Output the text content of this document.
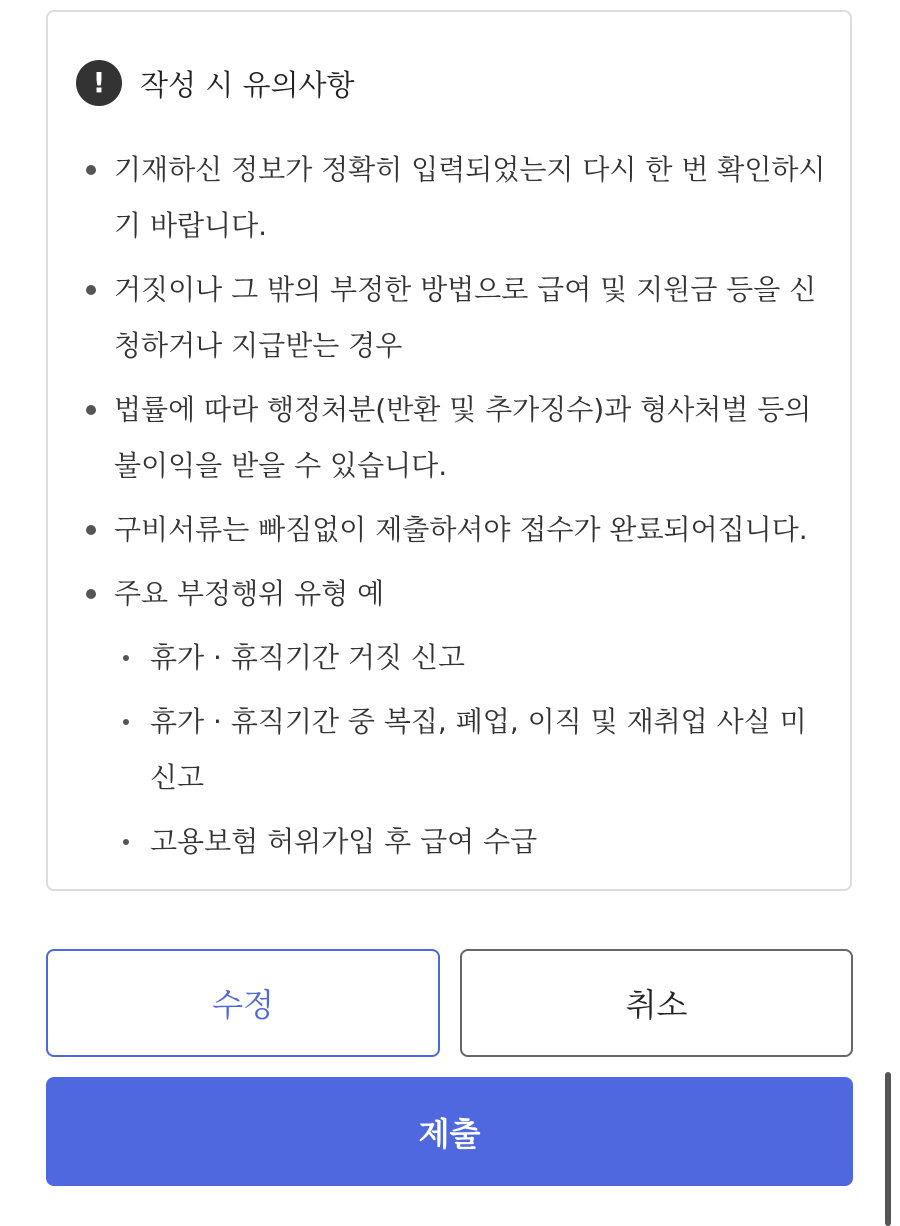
! 작성 시 유의사항
기재하신 정보가 정확히 입력되었는지 다시 한 번 확인하시기 바랍니다.
거짓이나 그 밖의 부정한 방법으로 급여 및 지원금 등을 신청하거나 지급받는 경우
법률에 따라 행정처분(반환 및 추가징수)과 형사처벌 등의 불이익을 받을 수 있습니다.
구비서류는 빠짐없이 제출하셔야 접수가 완료되어집니다.
주요 부정행위 유형 예
휴가 · 휴직기간 거짓 신고
휴가 · 휴직기간 중 복집, 폐업, 이직 및 재취업 사실 미신고
고용보험 허위가입 후 급여 수급
수정	취소
제출
